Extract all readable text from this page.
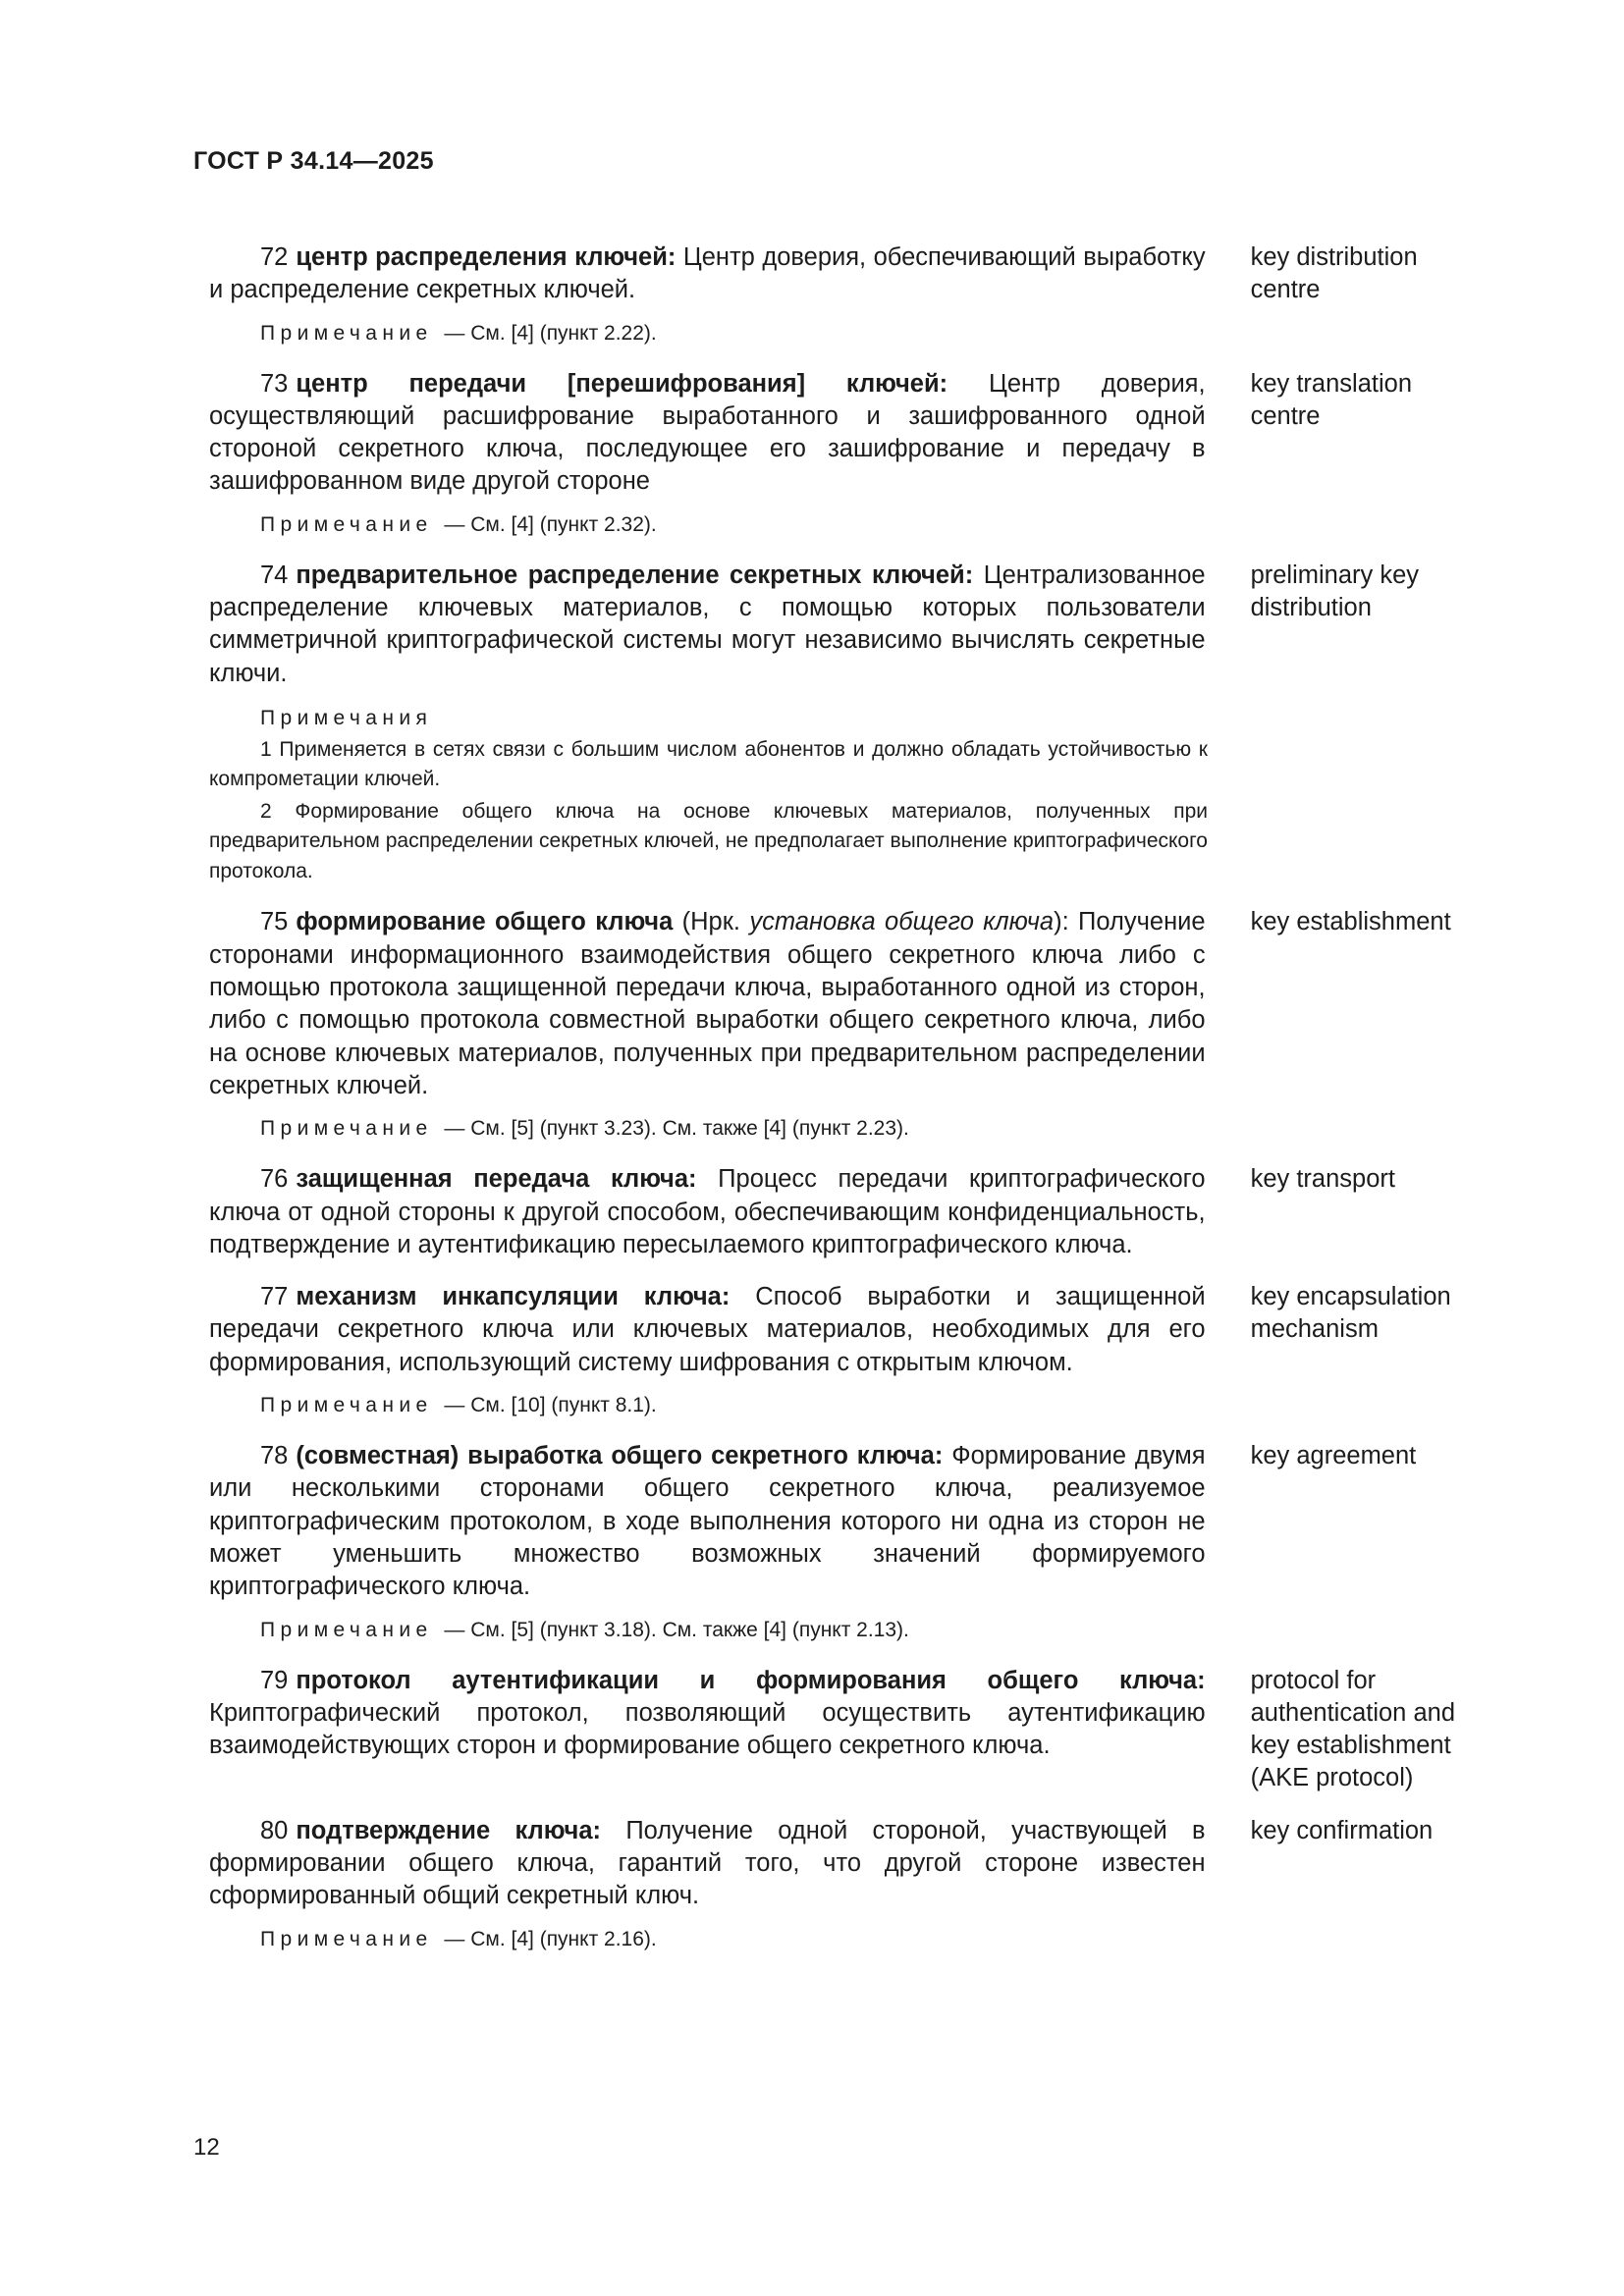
ГОСТ Р 34.14—2025
72 центр распределения ключей: Центр доверия, обеспечивающий выработку и распределение секретных ключей.
key distribution
centre
Примечание — См. [4] (пункт 2.22).
73 центр передачи [перешифрования] ключей: Центр доверия, осуществляющий расшифрование выработанного и зашифрованного одной стороной секретного ключа, последующее его зашифрование и передачу в зашифрованном виде другой стороне
key translation
centre
Примечание — См. [4] (пункт 2.32).
74 предварительное распределение секретных ключей: Централизованное распределение ключевых материалов, с помощью которых пользователи симметричной криптографической системы могут независимо вычислять секретные ключи.
preliminary key
distribution
Примечания
1 Применяется в сетях связи с большим числом абонентов и должно обладать устойчивостью к компрометации ключей.
2 Формирование общего ключа на основе ключевых материалов, полученных при предварительном распределении секретных ключей, не предполагает выполнение криптографического протокола.
75 формирование общего ключа (Нрк. установка общего ключа): Получение сторонами информационного взаимодействия общего секретного ключа либо с помощью протокола защищенной передачи ключа, выработанного одной из сторон, либо с помощью протокола совместной выработки общего секретного ключа, либо на основе ключевых материалов, полученных при предварительном распределении секретных ключей.
key establishment
Примечание — См. [5] (пункт 3.23). См. также [4] (пункт 2.23).
76 защищенная передача ключа: Процесс передачи криптографического ключа от одной стороны к другой способом, обеспечивающим конфиденциальность, подтверждение и аутентификацию пересылаемого криптографического ключа.
key transport
77 механизм инкапсуляции ключа: Способ выработки и защищенной передачи секретного ключа или ключевых материалов, необходимых для его формирования, использующий систему шифрования с открытым ключом.
key encapsulation
mechanism
Примечание — См. [10] (пункт 8.1).
78 (совместная) выработка общего секретного ключа: Формирование двумя или несколькими сторонами общего секретного ключа, реализуемое криптографическим протоколом, в ходе выполнения которого ни одна из сторон не может уменьшить множество возможных значений формируемого криптографического ключа.
key agreement
Примечание — См. [5] (пункт 3.18). См. также [4] (пункт 2.13).
79 протокол аутентификации и формирования общего ключа: Криптографический протокол, позволяющий осуществить аутентификацию взаимодействующих сторон и формирование общего секретного ключа.
protocol for
authentication and
key establishment
(AKE protocol)
80 подтверждение ключа: Получение одной стороной, участвующей в формировании общего ключа, гарантий того, что другой стороне известен сформированный общий секретный ключ.
key confirmation
Примечание — См. [4] (пункт 2.16).
12
